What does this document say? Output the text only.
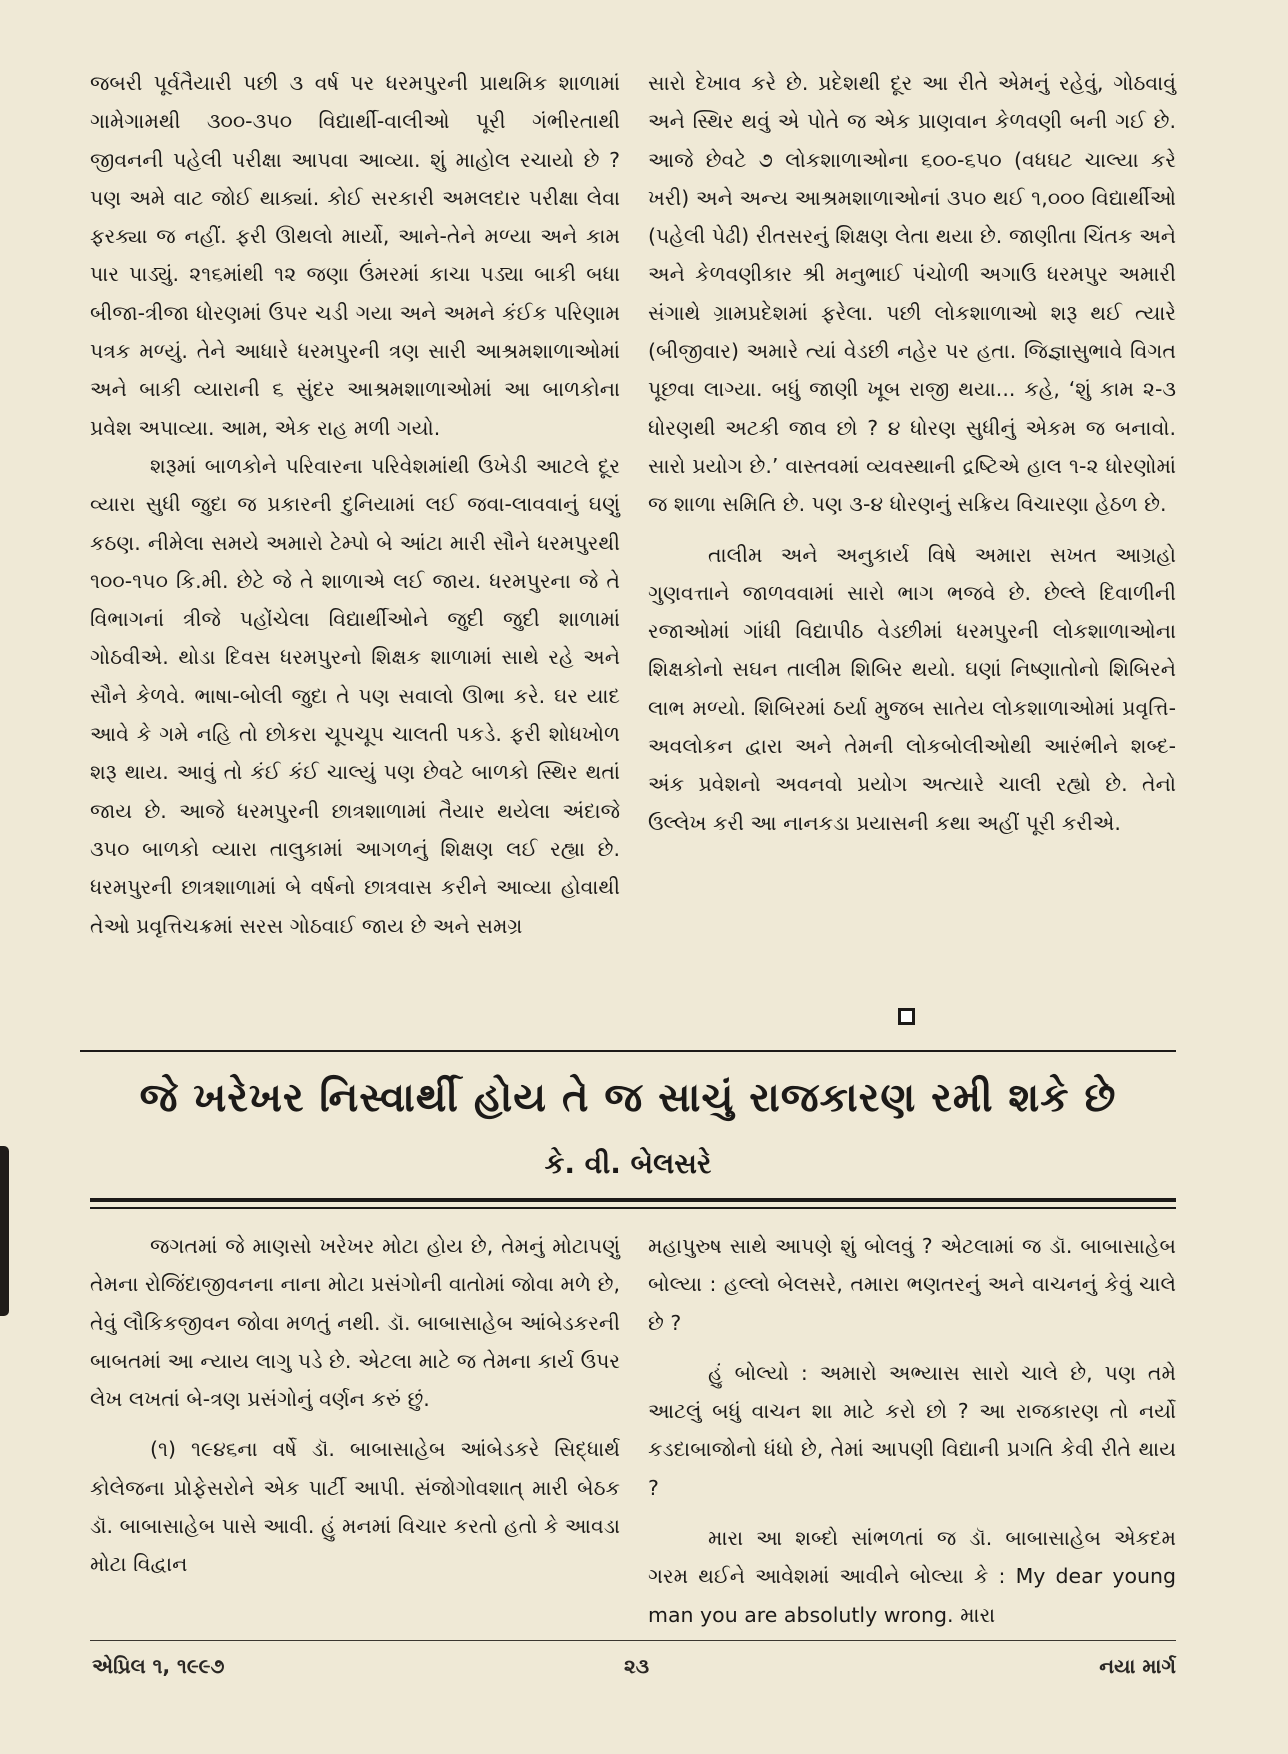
જબરી પૂર્વતૈયારી પછી ૩ વર્ષ પર ધરમપુરની પ્રાથમિક શાળામાં ગામેગામથી ૩૦૦-૩૫૦ વિદ્યાર્થી-વાલીઓ પૂરી ગંભીરતાથી જીવનની પહેલી પરીક્ષા આપવા આવ્યા. શું માહોલ રચાયો છે ? પણ અમે વાટ જોઈ થાક્યાં. કોઈ સરકારી અમલદાર પરીક્ષા લેવા ફરક્યા જ નહીં. ફરી ઊથલો માર્યો, આને-તેને મળ્યા અને કામ પાર પાડ્યું. ૨૧૬માંથી ૧૨ જણા ઉંમરમાં કાચા પડ્યા બાકી બધા બીજા-ત્રીજા ધોરણમાં ઉપર ચડી ગયા અને અમને કંઈક પરિણામ પત્રક મળ્યું. તેને આધારે ધરમપુરની ત્રણ સારી આશ્રમશાળાઓમાં અને બાકી વ્યારાની ૬ સુંદર આશ્રમશાળાઓમાં આ બાળકોના પ્રવેશ અપાવ્યા. આમ, એક રાહ મળી ગયો.

શરૂમાં બાળકોને પરિવારના પરિવેશમાંથી ઉખેડી આટલે દૂર વ્યારા સુધી જુદા જ પ્રકારની દુનિયામાં લઈ જવા-લાવવાનું ઘણું કઠણ. નીમેલા સમયે અમારો ટેમ્પો બે આંટા મારી સૌને ધરમપુરથી ૧૦૦-૧૫૦ કિ.મી. છેટે જે તે શાળાએ લઈ જાય. ધરમપુરના જે તે વિભાગનાં ત્રીજે પહોંચેલા વિદ્યાર્થીઓને જુદી જુદી શાળામાં ગોઠવીએ. થોડા દિવસ ધરમપુરનો શિક્ષક શાળામાં સાથે રહે અને સૌને કેળવે. ભાષા-બોલી જુદા તે પણ સવાલો ઊભા કરે. ઘર યાદ આવે કે ગમે નહિ તો છોકરા ચૂપચૂપ ચાલતી પકડે. ફરી શોધખોળ શરૂ થાય. આવું તો કંઈ કંઈ ચાલ્યું પણ છેવટે બાળકો સ્થિર થતાં જાય છે. આજે ધરમપુરની છાત્રશાળામાં તૈયાર થયેલા અંદાજે ૩૫૦ બાળકો વ્યારા તાલુકામાં આગળનું શિક્ષણ લઈ રહ્યા છે. ધરમપુરની છાત્રશાળામાં બે વર્ષનો છાત્રવાસ કરીને આવ્યા હોવાથી તેઓ પ્રવૃત્તિચક્રમાં સરસ ગોઠવાઈ જાય છે અને સમગ્ર

સારો દેખાવ કરે છે. પ્રદેશથી દૂર આ રીતે એમનું રહેવું, ગોઠવાવું અને સ્થિર થવું એ પોતે જ એક પ્રાણવાન કેળવણી બની ગઈ છે. આજે છેવટે ૭ લોકશાળાઓના ૬૦૦-૬૫૦ (વધઘટ ચાલ્યા કરે ખરી) અને અન્ય આશ્રમશાળાઓનાં ૩૫૦ થઈ ૧,૦૦૦ વિદ્યાર્થીઓ (પહેલી પેઢી) રીતસરનું શિક્ષણ લેતા થયા છે. જાણીતા ચિંતક અને અને કેળવણીકાર શ્રી મનુભાઈ પંચોળી અગાઉ ધરમપુર અમારી સંગાથે ગ્રામપ્રદેશમાં ફરેલા. પછી લોકશાળાઓ શરૂ થઈ ત્યારે (બીજીવાર) અમારે ત્યાં વેડછી નહેર પર હતા. જિજ્ઞાસુભાવે વિગત પૂછવા લાગ્યા. બધું જાણી ખૂબ રાજી થયા... કહે, ‘શું કામ ૨-૩ ધોરણથી અટકી જાવ છો ? ૪ ધોરણ સુધીનું એકમ જ બનાવો. સારો પ્રયોગ છે.’ વાસ્તવમાં વ્યવસ્થાની દ્રષ્ટિએ હાલ ૧-૨ ધોરણોમાં જ શાળા સમિતિ છે. પણ ૩-૪ ધોરણનું સક્રિય વિચારણા હેઠળ છે.

તાલીમ અને અનુકાર્ય વિષે અમારા સખત આગ્રહો ગુણવત્તાને જાળવવામાં સારો ભાગ ભજવે છે. છેલ્લે દિવાળીની રજાઓમાં ગાંધી વિદ્યાપીઠ વેડછીમાં ધરમપુરની લોકશાળાઓના શિક્ષકોનો સઘન તાલીમ શિબિર થયો. ઘણાં નિષ્ણાતોનો શિબિરને લાભ મળ્યો. શિબિરમાં ઠર્યા મુજબ સાતેય લોકશાળાઓમાં પ્રવૃત્તિ-અવલોકન દ્વારા અને તેમની લોકબોલીઓથી આરંભીને શબ્દ-અંક પ્રવેશનો અવનવો પ્રયોગ અત્યારે ચાલી રહ્યો છે. તેનો ઉલ્લેખ કરી આ નાનકડા પ્રયાસની કથા અહીં પૂરી કરીએ.

જે ખરેખર નિસ્વાર્થી હોય તે જ સાચું રાજકારણ રમી શકે છે
કે. વી. બેલસરે

જગતમાં જે માણસો ખરેખર મોટા હોય છે, તેમનું મોટાપણું તેમના રોજિંદાજીવનના નાના મોટા પ્રસંગોની વાતોમાં જોવા મળે છે, તેવું લૌકિકજીવન જોવા મળતું નથી. ડૉ. બાબાસાહેબ આંબેડકરની બાબતમાં આ ન્યાય લાગુ પડે છે. એટલા માટે જ તેમના કાર્ય ઉપર લેખ લખતાં બે-ત્રણ પ્રસંગોનું વર્ણન કરું છું.

(૧) ૧૯૪૬ના વર્ષે ડૉ. બાબાસાહેબ આંબેડકરે સિદ્ધાર્થ કોલેજના પ્રોફેસરોને એક પાર્ટી આપી. સંજોગોવશાત્ મારી બેઠક ડૉ. બાબાસાહેબ પાસે આવી. હું મનમાં વિચાર કરતો હતો કે આવડા મોટા વિદ્વાન

મહાપુરુષ સાથે આપણે શું બોલવું ? એટલામાં જ ડૉ. બાબાસાહેબ બોલ્યા : હલ્લો બેલસરે, તમારા ભણતરનું અને વાચનનું કેવું ચાલે છે ?

હું બોલ્યો : અમારો અભ્યાસ સારો ચાલે છે, પણ તમે આટલું બધું વાચન શા માટે કરો છો ? આ રાજકારણ તો નર્યો કડદાબાજોનો ધંધો છે, તેમાં આપણી વિદ્યાની પ્રગતિ કેવી રીતે થાય ?

મારા આ શબ્દો સાંભળતાં જ ડૉ. બાબાસાહેબ એકદમ ગરમ થઈને આવેશમાં આવીને બોલ્યા કે : My dear young man you are absolutly wrong. મારા

એપ્રિલ ૧, ૧૯૯૭	૨૩	નયા માર્ગ
